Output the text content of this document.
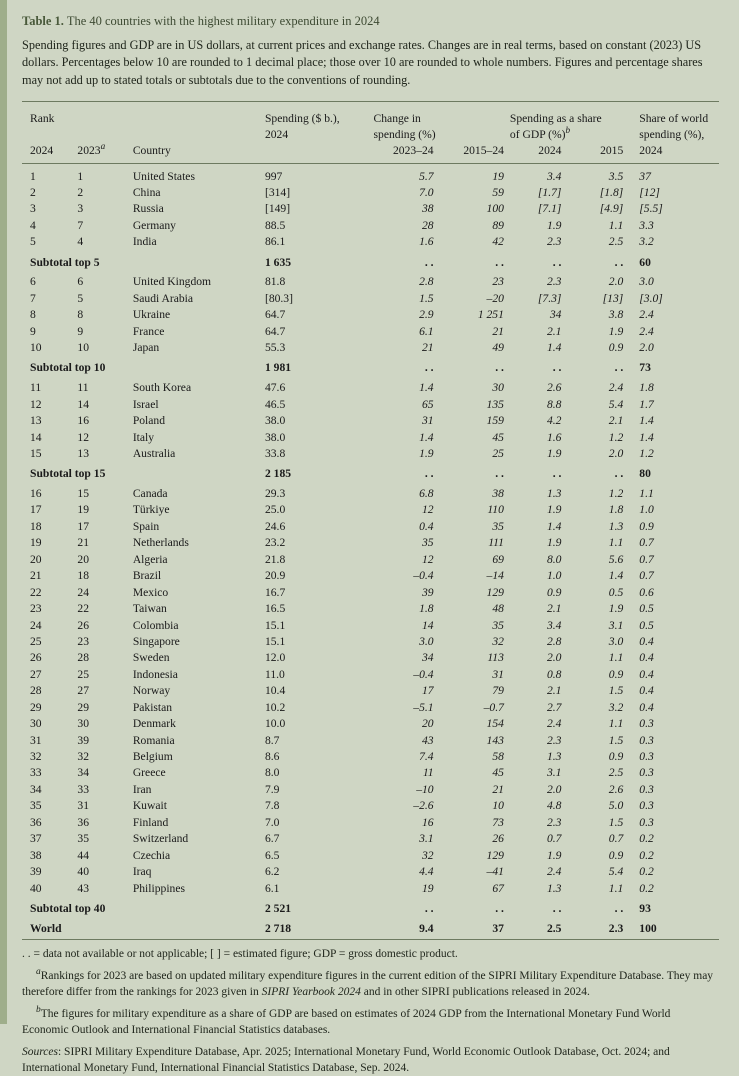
Table 1. The 40 countries with the highest military expenditure in 2024

Spending figures and GDP are in US dollars, at current prices and exchange rates. Changes are in real terms, based on constant (2023) US dollars. Percentages below 10 are rounded to 1 decimal place; those over 10 are rounded to whole numbers. Figures and percentage shares may not add up to stated totals or subtotals due to the conventions of rounding.

Rank			Spending ($ b.),	Change in		Spending as a share		Share of world
			2024	spending (%)		of GDP (%)$^b$		spending (%),
2024	2023$^a$	Country		2023–24	2015–24	2024	2015	2024

1	1	United States	997	5.7	19	3.4	3.5	37
2	2	China	[314]	7.0	59	[1.7]	[1.8]	[12]
3	3	Russia	[149]	38	100	[7.1]	[4.9]	[5.5]
4	7	Germany	88.5	28	89	1.9	1.1	3.3
5	4	India	86.1	1.6	42	2.3	2.5	3.2
Subtotal top 5			1 635	. .	. .	. .	. .	60
6	6	United Kingdom	81.8	2.8	23	2.3	2.0	3.0
7	5	Saudi Arabia	[80.3]	1.5	–20	[7.3]	[13]	[3.0]
8	8	Ukraine	64.7	2.9	1 251	34	3.8	2.4
9	9	France	64.7	6.1	21	2.1	1.9	2.4
10	10	Japan	55.3	21	49	1.4	0.9	2.0
Subtotal top 10			1 981	. .	. .	. .	. .	73
11	11	South Korea	47.6	1.4	30	2.6	2.4	1.8
12	14	Israel	46.5	65	135	8.8	5.4	1.7
13	16	Poland	38.0	31	159	4.2	2.1	1.4
14	12	Italy	38.0	1.4	45	1.6	1.2	1.4
15	13	Australia	33.8	1.9	25	1.9	2.0	1.2
Subtotal top 15			2 185	. .	. .	. .	. .	80
16	15	Canada	29.3	6.8	38	1.3	1.2	1.1
17	19	Türkiye	25.0	12	110	1.9	1.8	1.0
18	17	Spain	24.6	0.4	35	1.4	1.3	0.9
19	21	Netherlands	23.2	35	111	1.9	1.1	0.7
20	20	Algeria	21.8	12	69	8.0	5.6	0.7
21	18	Brazil	20.9	–0.4	–14	1.0	1.4	0.7
22	24	Mexico	16.7	39	129	0.9	0.5	0.6
23	22	Taiwan	16.5	1.8	48	2.1	1.9	0.5
24	26	Colombia	15.1	14	35	3.4	3.1	0.5
25	23	Singapore	15.1	3.0	32	2.8	3.0	0.4
26	28	Sweden	12.0	34	113	2.0	1.1	0.4
27	25	Indonesia	11.0	–0.4	31	0.8	0.9	0.4
28	27	Norway	10.4	17	79	2.1	1.5	0.4
29	29	Pakistan	10.2	–5.1	–0.7	2.7	3.2	0.4
30	30	Denmark	10.0	20	154	2.4	1.1	0.3
31	39	Romania	8.7	43	143	2.3	1.5	0.3
32	32	Belgium	8.6	7.4	58	1.3	0.9	0.3
33	34	Greece	8.0	11	45	3.1	2.5	0.3
34	33	Iran	7.9	–10	21	2.0	2.6	0.3
35	31	Kuwait	7.8	–2.6	10	4.8	5.0	0.3
36	36	Finland	7.0	16	73	2.3	1.5	0.3
37	35	Switzerland	6.7	3.1	26	0.7	0.7	0.2
38	44	Czechia	6.5	32	129	1.9	0.9	0.2
39	40	Iraq	6.2	4.4	–41	2.4	5.4	0.2
40	43	Philippines	6.1	19	67	1.3	1.1	0.2
Subtotal top 40			2 521	. .	. .	. .	. .	93
World			2 718	9.4	37	2.5	2.3	100

. . = data not available or not applicable; [ ] = estimated figure; GDP = gross domestic product.

$^a$Rankings for 2023 are based on updated military expenditure figures in the current edition of the SIPRI Military Expenditure Database. They may therefore differ from the rankings for 2023 given in SIPRI Yearbook 2024 and in other SIPRI publications released in 2024.

$^b$The figures for military expenditure as a share of GDP are based on estimates of 2024 GDP from the International Monetary Fund World Economic Outlook and International Financial Statistics databases.

Sources: SIPRI Military Expenditure Database, Apr. 2025; International Monetary Fund, World Economic Outlook Database, Oct. 2024; and International Monetary Fund, International Financial Statistics Database, Sep. 2024.
